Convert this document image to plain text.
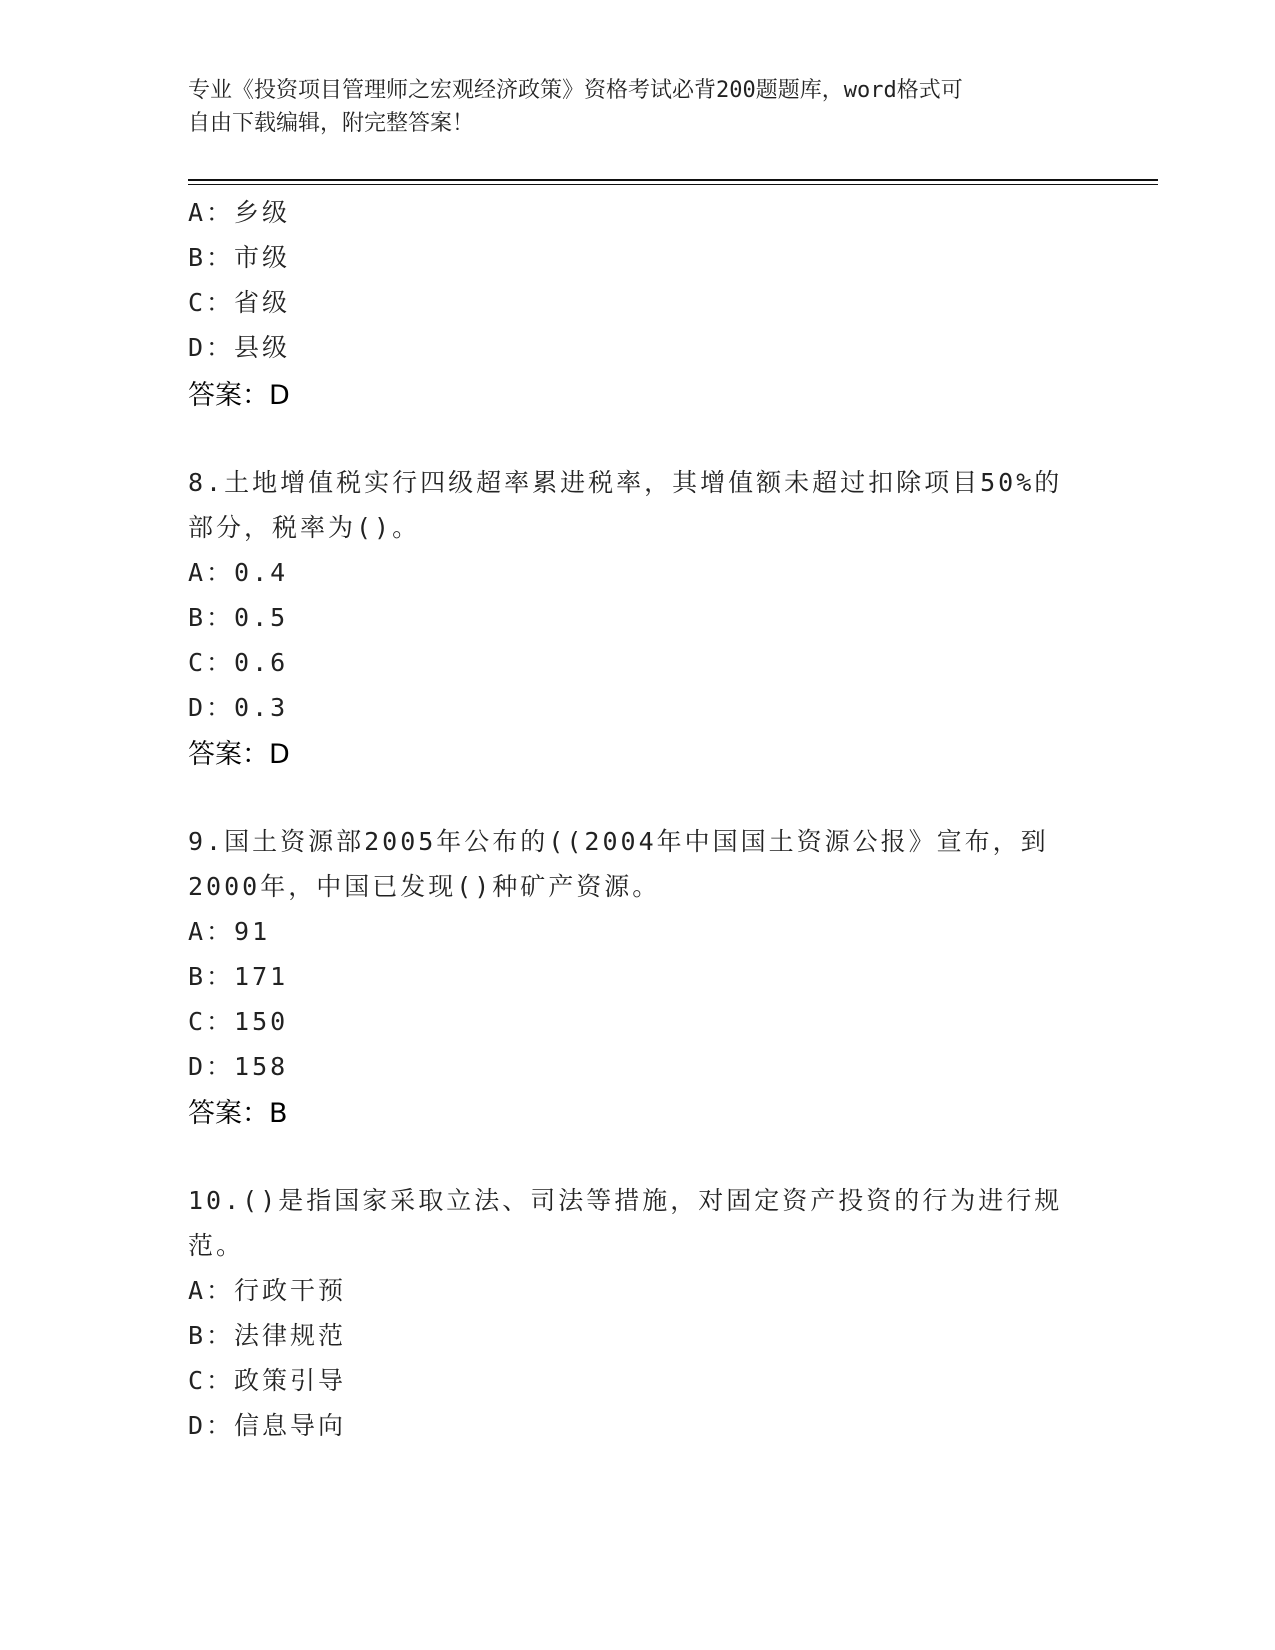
专业《投资项目管理师之宏观经济政策》资格考试必背200题题库，word格式可
自由下载编辑，附完整答案！
A：乡级
B：市级
C：省级
D：县级
答案：D
8.土地增值税实行四级超率累进税率，其增值额未超过扣除项目50%的
部分，税率为()。
A：0.4
B：0.5
C：0.6
D：0.3
答案：D
9.国土资源部2005年公布的((2004年中国国土资源公报》宣布，到
2000年，中国已发现()种矿产资源。
A：91
B：171
C：150
D：158
答案：B
10.()是指国家采取立法、司法等措施，对固定资产投资的行为进行规
范。
A：行政干预
B：法律规范
C：政策引导
D：信息导向
